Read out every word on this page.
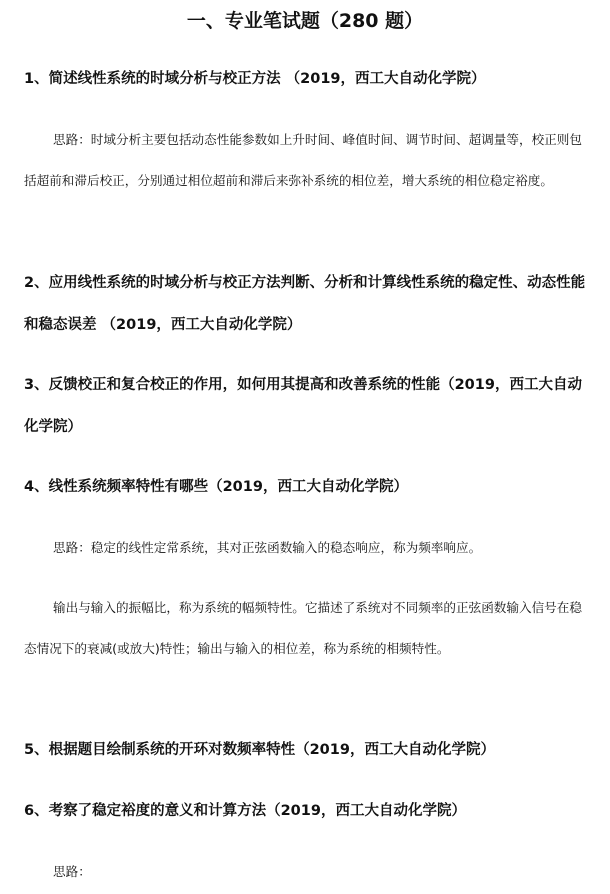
一、专业笔试题（280 题）

1、简述线性系统的时域分析与校正方法 （2019，西工大自动化学院）

思路：时域分析主要包括动态性能参数如上升时间、峰值时间、调节时间、超调量等，校正则包括超前和滞后校正，分别通过相位超前和滞后来弥补系统的相位差，增大系统的相位稳定裕度。

2、应用线性系统的时域分析与校正方法判断、分析和计算线性系统的稳定性、动态性能和稳态误差 （2019，西工大自动化学院）

3、反馈校正和复合校正的作用，如何用其提高和改善系统的性能（2019，西工大自动化学院）

4、线性系统频率特性有哪些（2019，西工大自动化学院）

思路：稳定的线性定常系统，其对正弦函数输入的稳态响应，称为频率响应。

输出与输入的振幅比，称为系统的幅频特性。它描述了系统对不同频率的正弦函数输入信号在稳态情况下的衰减(或放大)特性；输出与输入的相位差，称为系统的相频特性。

5、根据题目绘制系统的开环对数频率特性（2019，西工大自动化学院）

6、考察了稳定裕度的意义和计算方法（2019，西工大自动化学院）

思路：
